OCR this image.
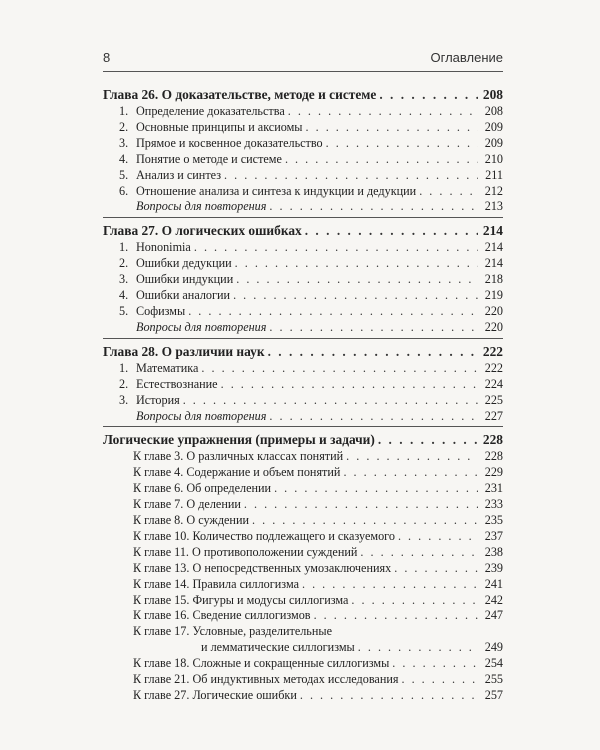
8	Оглавление
Глава 26. О доказательстве, методе и системе . . .	208
1. Определение доказательства . . .	208
2. Основные принципы и аксиомы . . .	209
3. Прямое и косвенное доказательство . . .	209
4. Понятие о методе и системе . . .	210
5. Анализ и синтез . . .	211
6. Отношение анализа и синтеза к индукции и дедукции . . .	212
Вопросы для повторения . . .	213
Глава 27. О логических ошибках . . .	214
1. Hononimia . . .	214
2. Ошибки дедукции . . .	214
3. Ошибки индукции . . .	218
4. Ошибки аналогии . . .	219
5. Софизмы . . .	220
Вопросы для повторения . . .	220
Глава 28. О различии наук . . .	222
1. Математика . . .	222
2. Естествознание . . .	224
3. История . . .	225
Вопросы для повторения . . .	227
Логические упражнения (примеры и задачи) . . .	228
К главе 3. О различных классах понятий . . .	228
К главе 4. Содержание и объем понятий . . .	229
К главе 6. Об определении . . .	231
К главе 7. О делении . . .	233
К главе 8. О суждении . . .	235
К главе 10. Количество подлежащего и сказуемого . . .	237
К главе 11. О противоположении суждений . . .	238
К главе 13. О непосредственных умозаключениях . . .	239
К главе 14. Правила силлогизма . . .	241
К главе 15. Фигуры и модусы силлогизма . . .	242
К главе 16. Сведение силлогизмов . . .	247
К главе 17. Условные, разделительные
и лемматические силлогизмы . . .	249
К главе 18. Сложные и сокращенные силлогизмы . . .	254
К главе 21. Об индуктивных методах исследования . . .	255
К главе 27. Логические ошибки . . .	257
